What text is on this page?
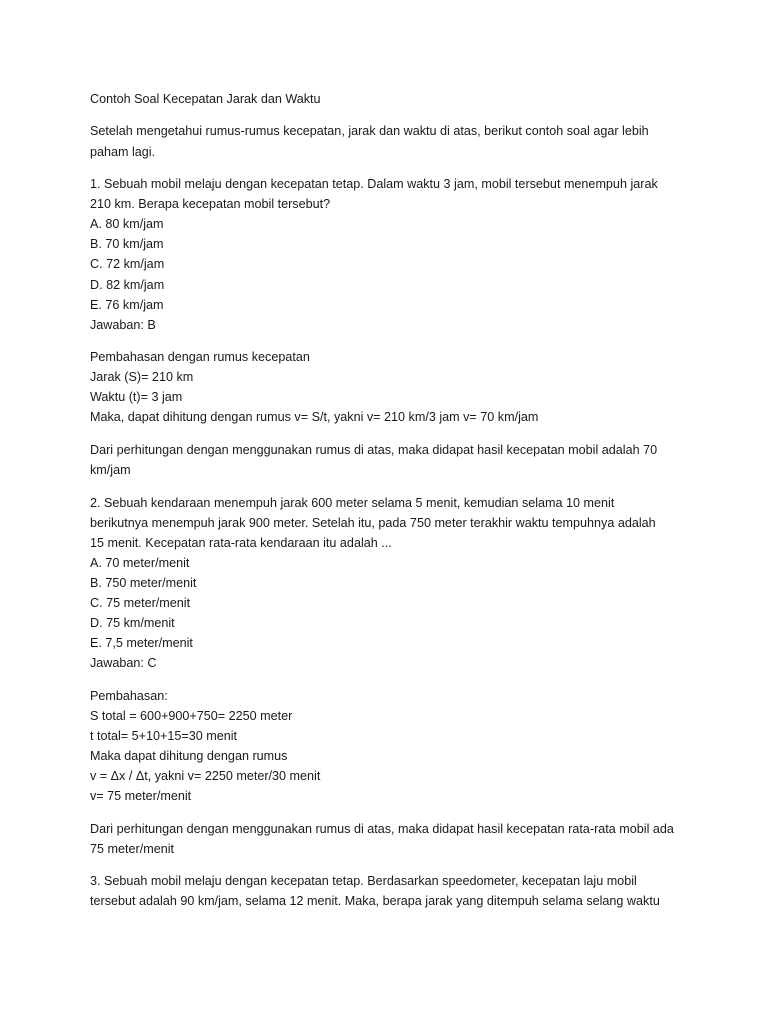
Contoh Soal Kecepatan Jarak dan Waktu
Setelah mengetahui rumus-rumus kecepatan, jarak dan waktu di atas, berikut contoh soal agar lebih
paham lagi.
1. Sebuah mobil melaju dengan kecepatan tetap. Dalam waktu 3 jam, mobil tersebut menempuh jarak
210 km. Berapa kecepatan mobil tersebut?
A. 80 km/jam
B. 70 km/jam
C. 72 km/jam
D. 82 km/jam
E. 76 km/jam
Jawaban: B
Pembahasan dengan rumus kecepatan
Jarak (S)= 210 km
Waktu (t)= 3 jam
Maka, dapat dihitung dengan rumus v= S/t, yakni v= 210 km/3 jam v= 70 km/jam
Dari perhitungan dengan menggunakan rumus di atas, maka didapat hasil kecepatan mobil adalah 70
km/jam
2. Sebuah kendaraan menempuh jarak 600 meter selama 5 menit, kemudian selama 10 menit
berikutnya menempuh jarak 900 meter. Setelah itu, pada 750 meter terakhir waktu tempuhnya adalah
15 menit. Kecepatan rata-rata kendaraan itu adalah ...
A. 70 meter/menit
B. 750 meter/menit
C. 75 meter/menit
D. 75 km/menit
E. 7,5 meter/menit
Jawaban: C
Pembahasan:
S total = 600+900+750= 2250 meter
t total= 5+10+15=30 menit
Maka dapat dihitung dengan rumus
v = Δx / Δt, yakni v= 2250 meter/30 menit
v= 75 meter/menit
Dari perhitungan dengan menggunakan rumus di atas, maka didapat hasil kecepatan rata-rata mobil ada
75 meter/menit
3. Sebuah mobil melaju dengan kecepatan tetap. Berdasarkan speedometer, kecepatan laju mobil
tersebut adalah 90 km/jam, selama 12 menit. Maka, berapa jarak yang ditempuh selama selang waktu
